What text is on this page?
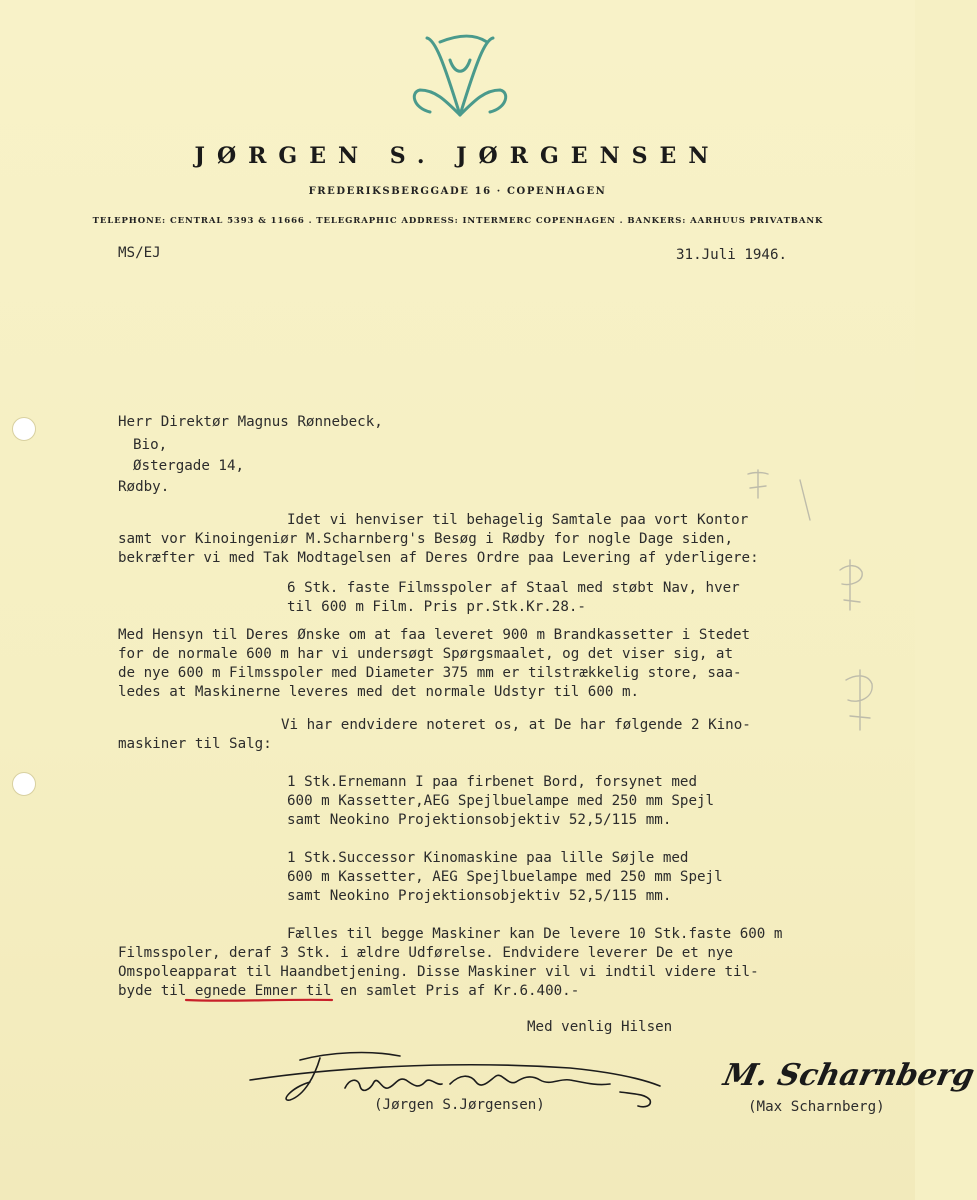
JØRGEN S. JØRGENSEN
FREDERIKSBERGGADE 16 · COPENHAGEN
TELEPHONE: CENTRAL 5393 & 11666 . TELEGRAPHIC ADDRESS: INTERMERC COPENHAGEN . BANKERS: AARHUUS PRIVATBANK
MS/EJ	31.Juli 1946.
Herr Direktør Magnus Rønnebeck,
Bio,
Østergade 14,
Rødby.
Idet vi henviser til behagelig Samtale paa vort Kontor
samt vor Kinoingeniør M.Scharnberg's Besøg i Rødby for nogle Dage siden,
bekræfter vi med Tak Modtagelsen af Deres Ordre paa Levering af yderligere:
6 Stk. faste Filmsspoler af Staal med støbt Nav, hver
til 600 m Film. Pris pr.Stk.Kr.28.-
Med Hensyn til Deres Ønske om at faa leveret 900 m Brandkassetter i Stedet
for de normale 600 m har vi undersøgt Spørgsmaalet, og det viser sig, at
de nye 600 m Filmsspoler med Diameter 375 mm er tilstrækkelig store, saa-
ledes at Maskinerne leveres med det normale Udstyr til 600 m.
Vi har endvidere noteret os, at De har følgende 2 Kino-
maskiner til Salg:
1 Stk.Ernemann I paa firbenet Bord, forsynet med
600 m Kassetter,AEG Spejlbuelampe med 250 mm Spejl
samt Neokino Projektionsobjektiv 52,5/115 mm.
1 Stk.Successor Kinomaskine paa lille Søjle med
600 m Kassetter, AEG Spejlbuelampe med 250 mm Spejl
samt Neokino Projektionsobjektiv 52,5/115 mm.
Fælles til begge Maskiner kan De levere 10 Stk.faste 600 m
Filmsspoler, deraf 3 Stk. i ældre Udførelse. Endvidere leverer De et nye
Omspoleapparat til Haandbetjening. Disse Maskiner vil vi indtil videre til-
byde til egnede Emner til en samlet Pris af Kr.6.400.-
Med venlig Hilsen
(Jørgen S.Jørgensen)
M. Scharnberg
(Max Scharnberg)
